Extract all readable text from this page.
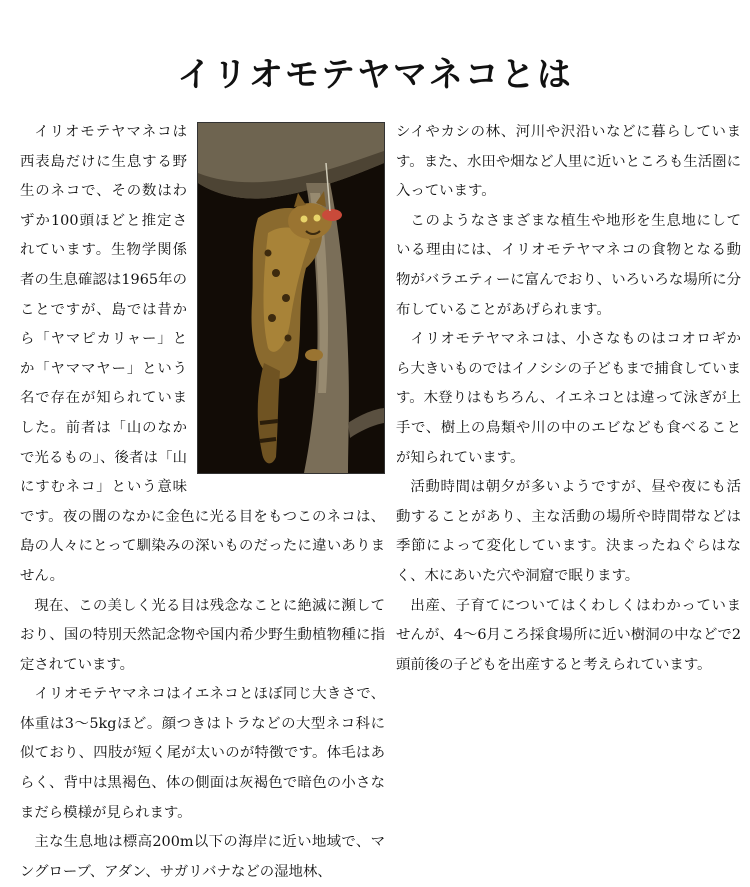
イリオモテヤマネコとは

イリオモテヤマネコは西表島だけに生息する野生のネコで、その数はわずか100頭ほどと推定されています。生物学関係者の生息確認は1965年のことですが、島では昔から「ヤマピカリャー」とか「ヤママヤー」という名で存在が知られていました。前者は「山のなかで光るもの」、後者は「山にすむネコ」という意味です。夜の闇のなかに金色に光る目をもつこのネコは、島の人々にとって馴染みの深いものだったに違いありません。

現在、この美しく光る目は残念なことに絶滅に瀕しており、国の特別天然記念物や国内希少野生動植物種に指定されています。

イリオモテヤマネコはイエネコとほぼ同じ大きさで、体重は3～5kgほど。顔つきはトラなどの大型ネコ科に似ており、四肢が短く尾が太いのが特徴です。体毛はあらく、背中は黒褐色、体の側面は灰褐色で暗色の小さなまだら模様が見られます。

主な生息地は標高200m以下の海岸に近い地域で、マングローブ、アダン、サガリバナなどの湿地林、

シイやカシの林、河川や沢沿いなどに暮らしています。また、水田や畑など人里に近いところも生活圏に入っています。

このようなさまざまな植生や地形を生息地にしている理由には、イリオモテヤマネコの食物となる動物がバラエティーに富んでおり、いろいろな場所に分布していることがあげられます。

イリオモテヤマネコは、小さなものはコオロギから大きいものではイノシシの子どもまで捕食しています。木登りはもちろん、イエネコとは違って泳ぎが上手で、樹上の鳥類や川の中のエビなども食べることが知られています。

活動時間は朝夕が多いようですが、昼や夜にも活動することがあり、主な活動の場所や時間帯などは季節によって変化しています。決まったねぐらはなく、木にあいた穴や洞窟で眠ります。

出産、子育てについてはくわしくはわかっていませんが、4～6月ころ採食場所に近い樹洞の中などで2頭前後の子どもを出産すると考えられています。
